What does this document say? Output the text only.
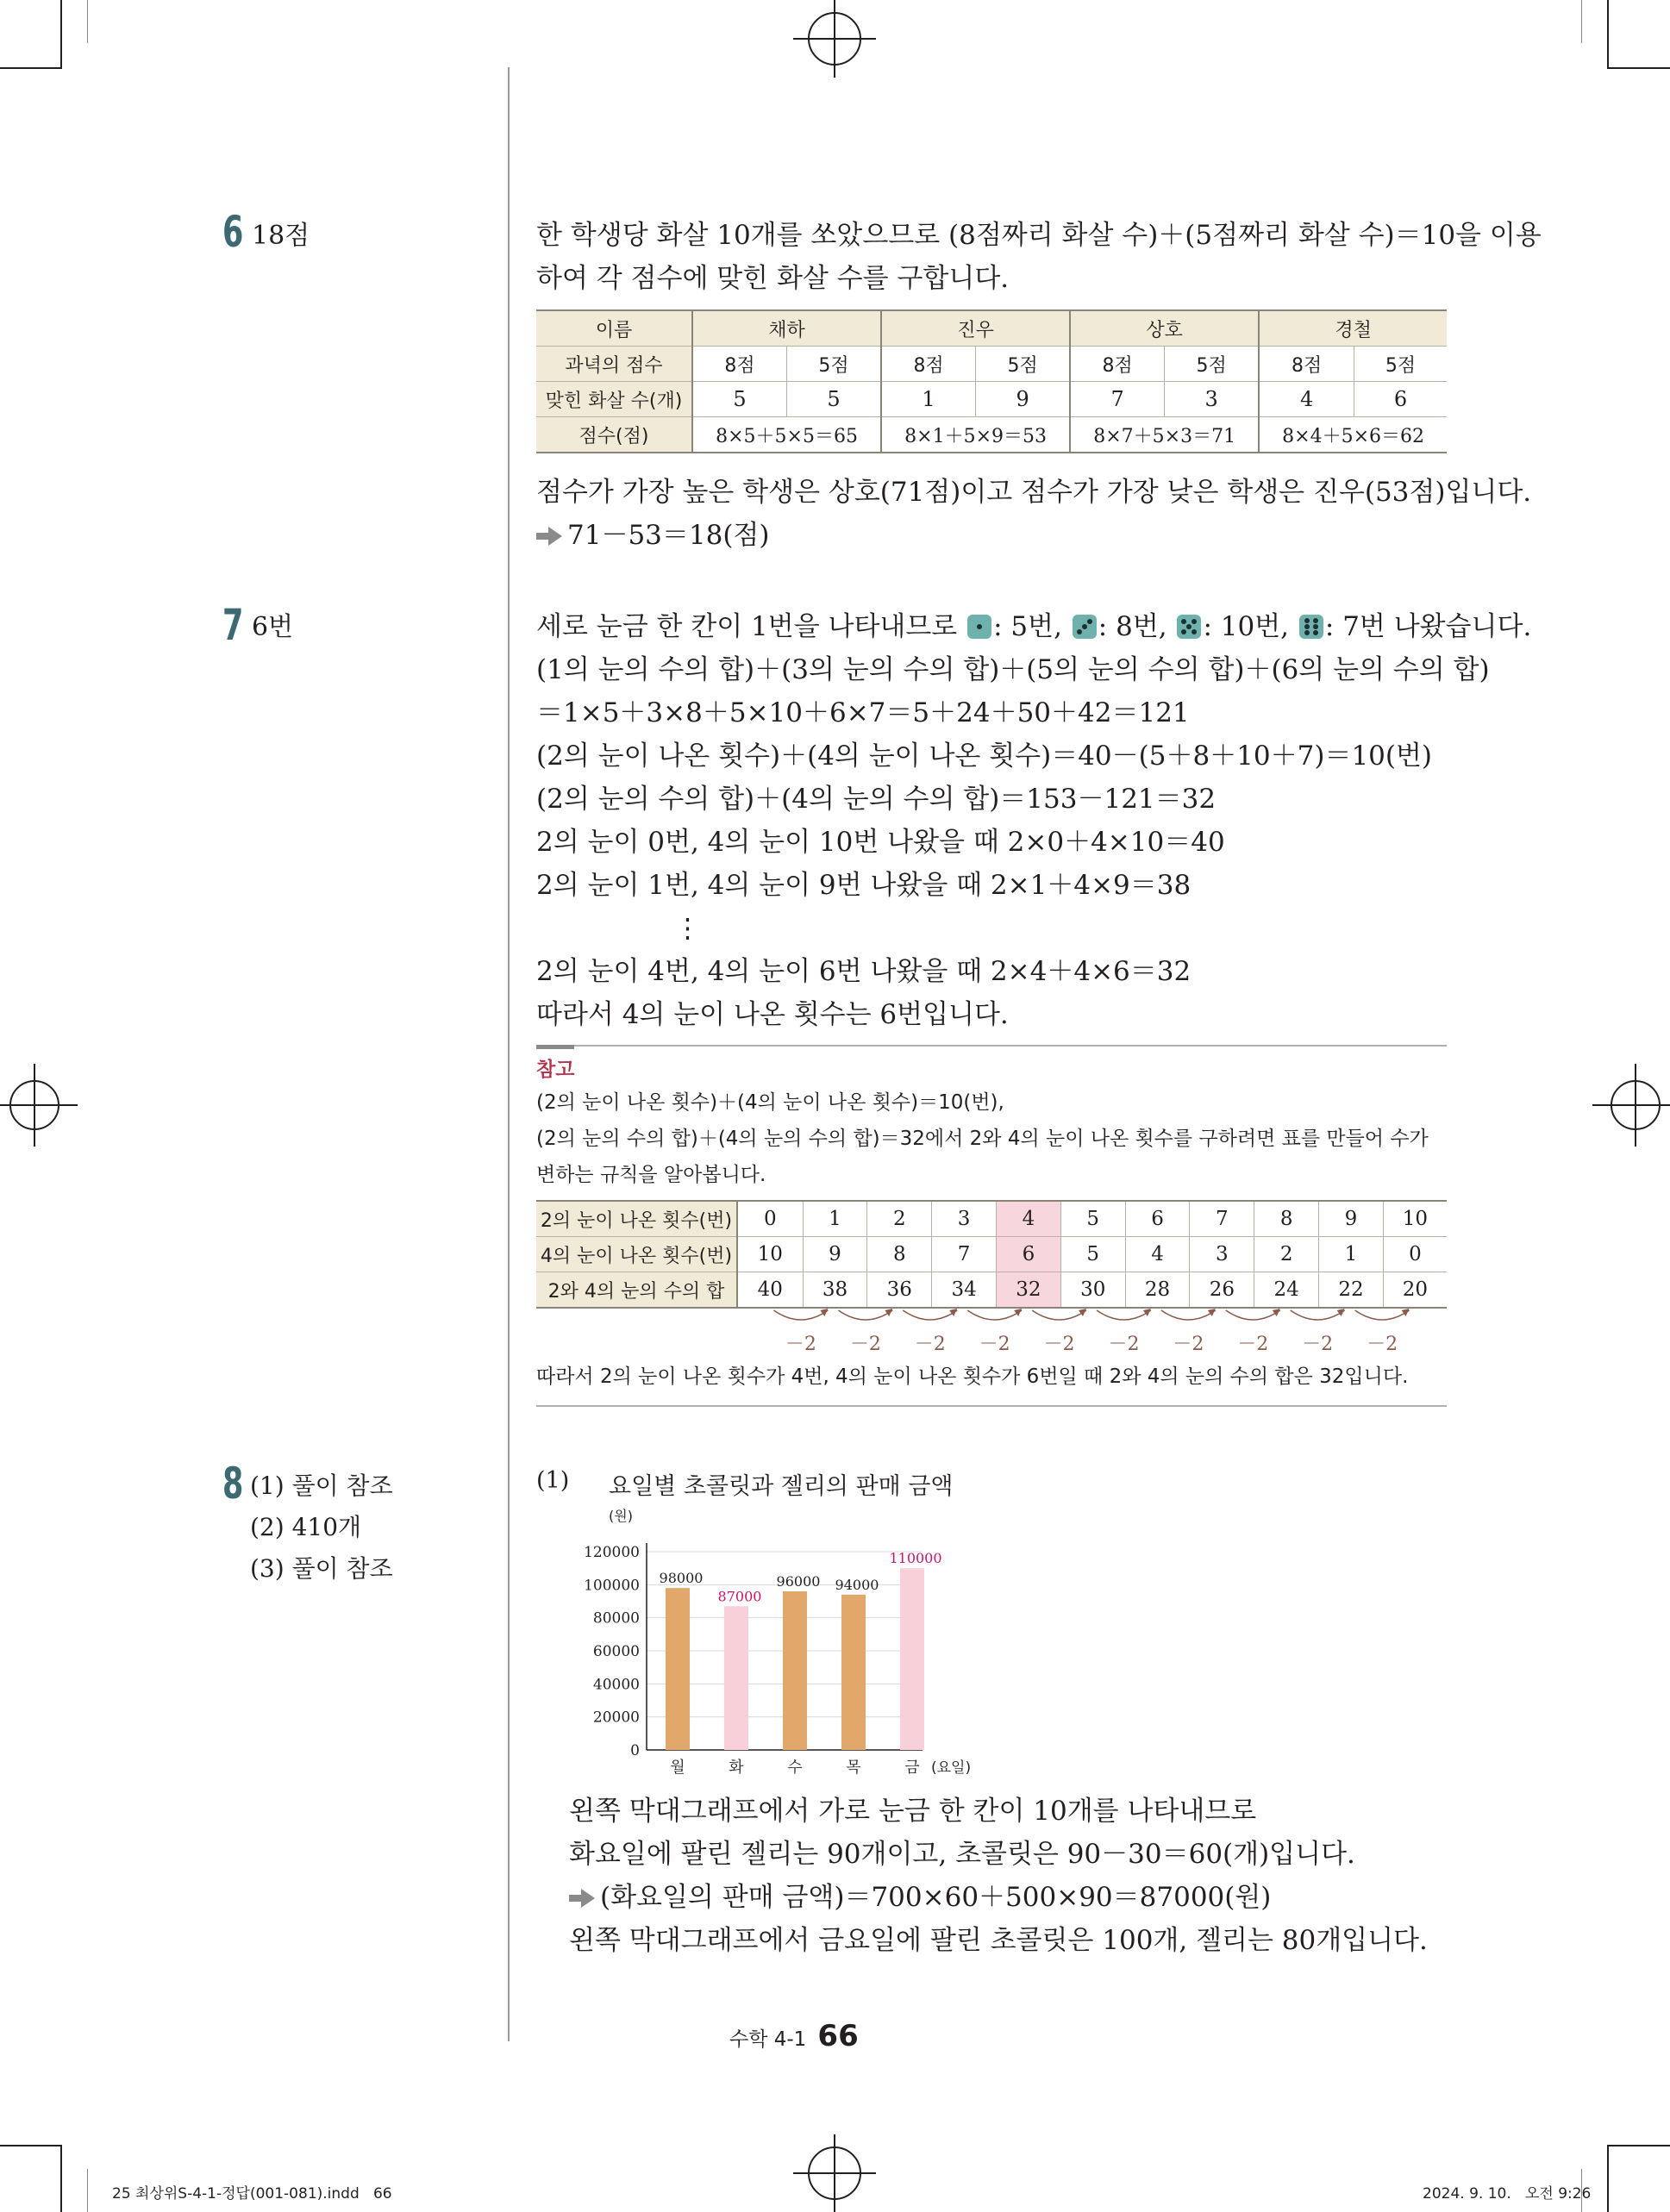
6 18점	한 학생당 화살 10개를 쏘았으므로 (8점짜리 화살 수)＋(5점짜리 화살 수)＝10을 이용
하여 각 점수에 맞힌 화살 수를 구합니다.
이름	채하		진우		상호		경철	
과녁의 점수	8점	5점	8점	5점	8점	5점	8점	5점
맞힌 화살 수(개)	5	5	1	9	7	3	4	6
점수(점)	8×5＋5×5＝65		8×1＋5×9＝53		8×7＋5×3＝71		8×4＋5×6＝62	
점수가 가장 높은 학생은 상호(71점)이고 점수가 가장 낮은 학생은 진우(53점)입니다.
71－53＝18(점)
7 6번	세로 눈금 한 칸이 1번을 나타내므로 : 5번, : 8번, : 10번, : 7번 나왔습니다.
(1의 눈의 수의 합)＋(3의 눈의 수의 합)＋(5의 눈의 수의 합)＋(6의 눈의 수의 합)
＝1×5＋3×8＋5×10＋6×7＝5＋24＋50＋42＝121
(2의 눈이 나온 횟수)＋(4의 눈이 나온 횟수)＝40－(5＋8＋10＋7)＝10(번)
(2의 눈의 수의 합)＋(4의 눈의 수의 합)＝153－121＝32
2의 눈이 0번, 4의 눈이 10번 나왔을 때 2×0＋4×10＝40
2의 눈이 1번, 4의 눈이 9번 나왔을 때 2×1＋4×9＝38
⋮
2의 눈이 4번, 4의 눈이 6번 나왔을 때 2×4＋4×6＝32
따라서 4의 눈이 나온 횟수는 6번입니다.
참고
(2의 눈이 나온 횟수)＋(4의 눈이 나온 횟수)＝10(번),
(2의 눈의 수의 합)＋(4의 눈의 수의 합)＝32에서 2와 4의 눈이 나온 횟수를 구하려면 표를 만들어 수가
변하는 규칙을 알아봅니다.
2의 눈이 나온 횟수(번)	0	1	2	3	4	5	6	7	8	9	10
4의 눈이 나온 횟수(번)	10	9	8	7	6	5	4	3	2	1	0
2와 4의 눈의 수의 합	40	38	36	34	32	30	28	26	24	22	20
－2 －2 －2 －2 －2 －2 －2 －2 －2 －2
따라서 2의 눈이 나온 횟수가 4번, 4의 눈이 나온 횟수가 6번일 때 2와 4의 눈의 수의 합은 32입니다.
8 (1) 풀이 참조
(2) 410개
(3) 풀이 참조
(1) 요일별 초콜릿과 젤리의 판매 금액
0
20000
40000
60000
80000
100000
120000
(원)
98000
월
87000
화
96000
수
94000
목
110000
금 (요일)
왼쪽 막대그래프에서 가로 눈금 한 칸이 10개를 나타내므로
화요일에 팔린 젤리는 90개이고, 초콜릿은 90－30＝60(개)입니다.
(화요일의 판매 금액)＝700×60＋500×90＝87000(원)
왼쪽 막대그래프에서 금요일에 팔린 초콜릿은 100개, 젤리는 80개입니다.
수학 4-1 66
25 최상위S-4-1-정답(001-081).indd   66	2024. 9. 10.   오전 9:26
